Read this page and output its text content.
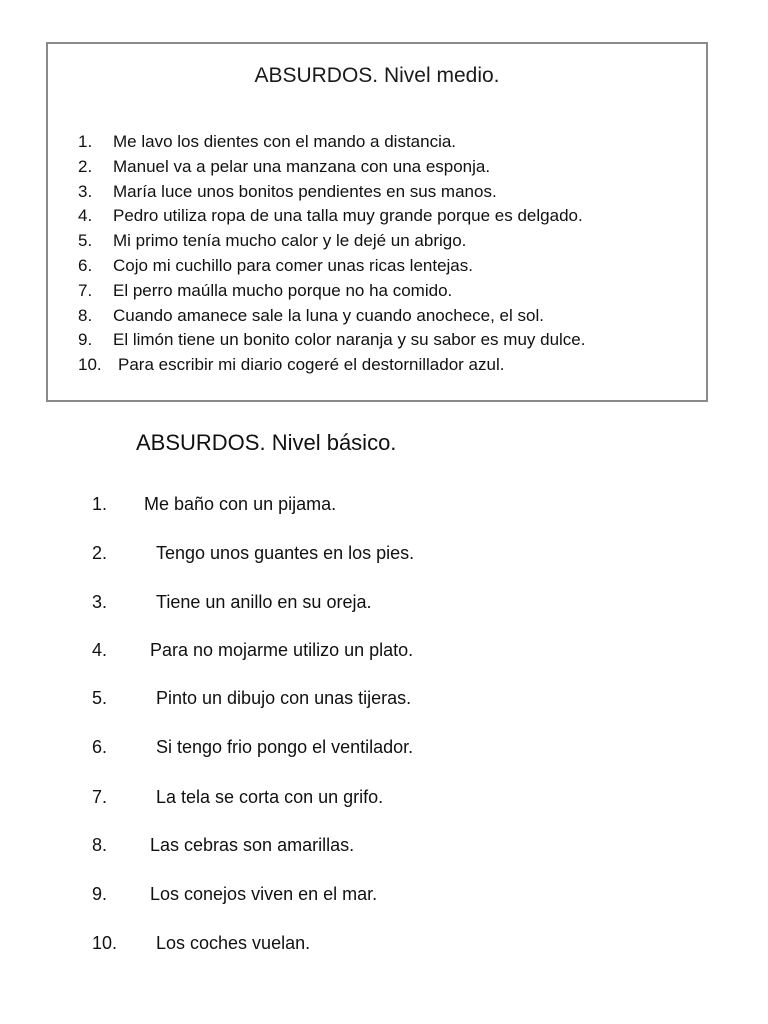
ABSURDOS. Nivel medio.
1.	Me lavo los dientes con el mando a distancia.
2.	Manuel va a pelar una manzana con una esponja.
3.	María luce unos bonitos pendientes en sus manos.
4.	Pedro utiliza ropa de una talla muy grande porque es delgado.
5.	Mi primo tenía mucho calor y le dejé un abrigo.
6.	Cojo mi cuchillo para comer unas ricas lentejas.
7.	El perro maúlla mucho porque no ha comido.
8.	Cuando amanece sale la luna y cuando anochece, el sol.
9.	El limón tiene un bonito color naranja y su sabor es muy dulce.
10. Para escribir mi diario cogeré el destornillador azul.
ABSURDOS. Nivel básico.
1. Me baño con un pijama.
2.	Tengo unos guantes en los pies.
3.	Tiene un anillo en su oreja.
4. Para no mojarme utilizo un plato.
5.	Pinto un dibujo con unas tijeras.
6.	Si tengo frio pongo el ventilador.
7.	La tela se corta con un grifo.
8. Las cebras son amarillas.
9. Los conejos viven en el mar.
10. Los coches vuelan.
